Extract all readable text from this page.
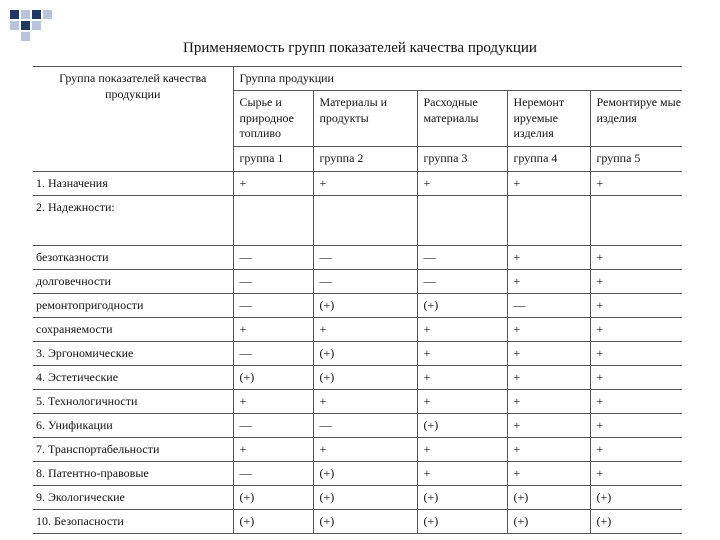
Применяемость групп показателей качества продукции
Группа показателей качества продукции	Группа продукции				
	Сырье и природное топливо	Материалы и продукты	Расходные материалы	Неремонт ируемые изделия	Ремонтируе мые изделия
	группа 1	группа 2	группа 3	группа 4	группа 5
1. Назначения	+	+	+	+	+
2. Надежности:					
безотказности	—	—	—	+	+
долговечности	—	—	—	+	+
ремонтопригодности	—	(+)	(+)	—	+
сохраняемости	+	+	+	+	+
3. Эргономические	—	(+)	+	+	+
4. Эстетические	(+)	(+)	+	+	+
5. Технологичности	+	+	+	+	+
6. Унификации	—	—	(+)	+	+
7. Транспортабельности	+	+	+	+	+
8. Патентно-правовые	—	(+)	+	+	+
9. Экологические	(+)	(+)	(+)	(+)	(+)
10. Безопасности	(+)	(+)	(+)	(+)	(+)
